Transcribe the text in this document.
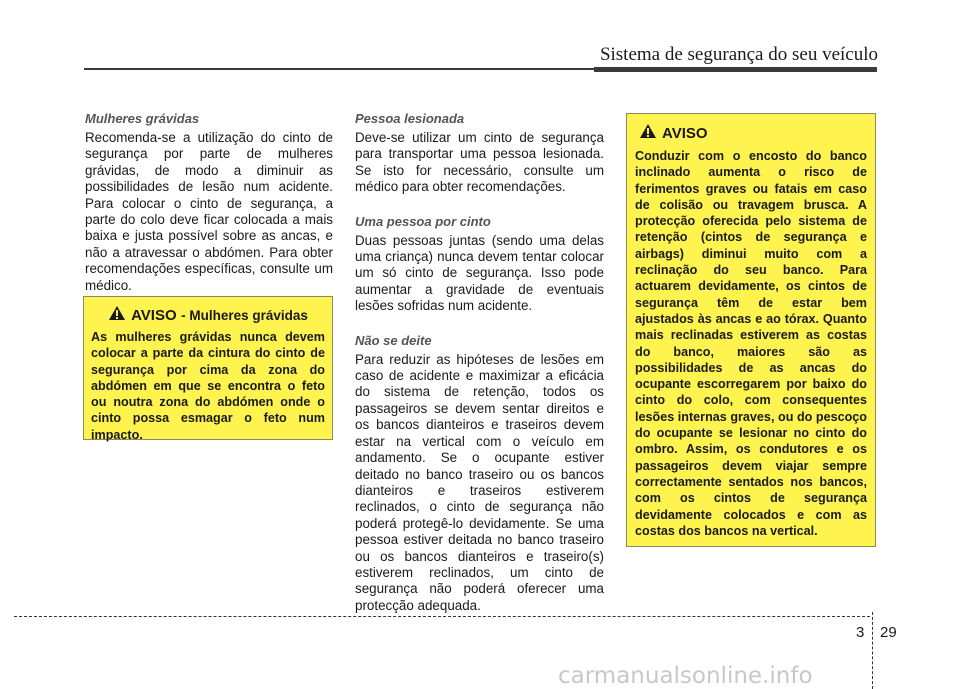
Sistema de segurança do seu veículo
Mulheres grávidas

Recomenda-se a utilização do cinto de segurança por parte de mulheres grávidas, de modo a diminuir as possibilidades de lesão num acidente. Para colocar o cinto de segurança, a parte do colo deve ficar colocada a mais baixa e justa possível sobre as ancas, e não a atravessar o abdómen. Para obter recomendações específicas, consulte um médico.

AVISO
- Mulheres grávidas

As mulheres grávidas nunca devem colocar a parte da cintura do cinto de segurança por cima da zona do abdómen em que se encontra o feto ou noutra zona do abdómen onde o cinto possa esmagar o feto num impacto.

Pessoa lesionada

Deve-se utilizar um cinto de segurança para transportar uma pessoa lesionada. Se isto for necessário, consulte um médico para obter recomendações.

Uma pessoa por cinto

Duas pessoas juntas (sendo uma delas uma criança) nunca devem tentar colocar um só cinto de segurança. Isso pode aumentar a gravidade de eventuais lesões sofridas num acidente.

Não se deite

Para reduzir as hipóteses de lesões em caso de acidente e maximizar a eficácia do sistema de retenção, todos os passageiros se devem sentar direitos e os bancos dianteiros e traseiros devem estar na vertical com o veículo em andamento. Se o ocupante estiver deitado no banco traseiro ou os bancos dianteiros e traseiros estiverem reclinados, o cinto de segurança não poderá protegê-lo devidamente. Se uma pessoa estiver deitada no banco traseiro ou os bancos dianteiros e traseiro(s) estiverem reclinados, um cinto de segurança não poderá oferecer uma protecção adequada.

AVISO

Conduzir com o encosto do banco inclinado aumenta o risco de ferimentos graves ou fatais em caso de colisão ou travagem brusca. A protecção oferecida pelo sistema de retenção (cintos de segurança e airbags) diminui muito com a reclinação do seu banco. Para actuarem devidamente, os cintos de segurança têm de estar bem ajustados às ancas e ao tórax. Quanto mais reclinadas estiverem as costas do banco, maiores são as possibilidades de as ancas do ocupante escorregarem por baixo do cinto do colo, com consequentes lesões internas graves, ou do pescoço do ocupante se lesionar no cinto do ombro. Assim, os condutores e os passageiros devem viajar sempre correctamente sentados nos bancos, com os cintos de segurança devidamente colocados e com as costas dos bancos na vertical.

3 29
carmanualsonline.info
